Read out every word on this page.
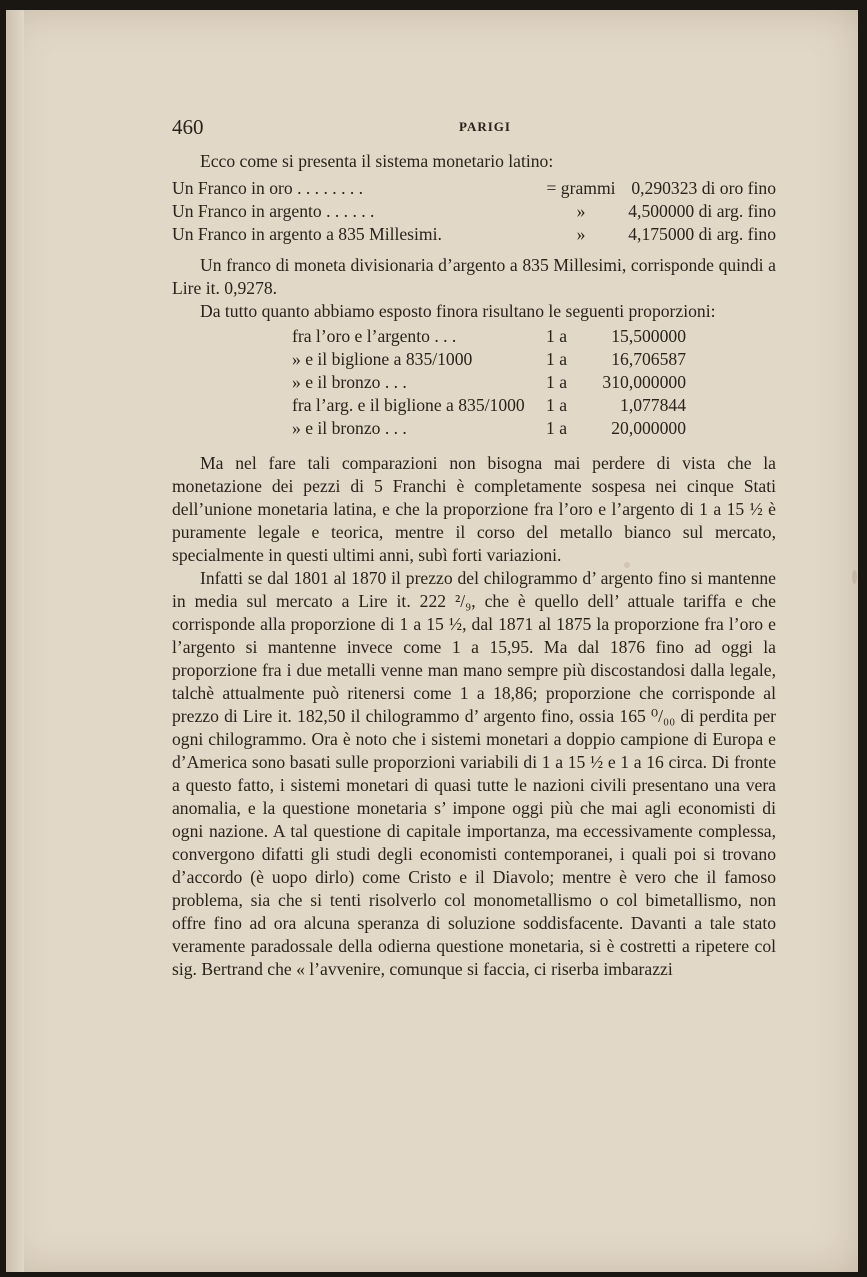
460	PARIGI

Ecco come si presenta il sistema monetario latino:

Un Franco in oro . . . . . . . .	= grammi	0,290323 di oro fino
Un Franco in argento . . . . . .	»	4,500000 di arg. fino
Un Franco in argento a 835 Millesimi.	»	4,175000 di arg. fino

Un franco di moneta divisionaria d’argento a 835 Millesimi, corrisponde quindi a Lire it. 0,9278.

Da tutto quanto abbiamo esposto finora risultano le seguenti proporzioni:

fra l’oro e l’argento . . .	1 a	15,500000
» e il biglione a 835/1000	1 a	16,706587
» e il bronzo . . .	1 a	310,000000
fra l’arg. e il biglione a 835/1000	1 a	1,077844
» e il bronzo . . .	1 a	20,000000

Ma nel fare tali comparazioni non bisogna mai perdere di vista che la monetazione dei pezzi di 5 Franchi è completamente sospesa nei cinque Stati dell’unione monetaria latina, e che la proporzione fra l’oro e l’argento di 1 a 15 ½ è puramente legale e teorica, mentre il corso del metallo bianco sul mercato, specialmente in questi ultimi anni, subì forti variazioni.

Infatti se dal 1801 al 1870 il prezzo del chilogrammo d’ argento fino si mantenne in media sul mercato a Lire it. 222 ²/₉, che è quello dell’ attuale tariffa e che corrisponde alla proporzione di 1 a 15 ½, dal 1871 al 1875 la proporzione fra l’oro e l’argento si mantenne invece come 1 a 15,95. Ma dal 1876 fino ad oggi la proporzione fra i due metalli venne man mano sempre più discostandosi dalla legale, talchè attualmente può ritenersi come 1 a 18,86; proporzione che corrisponde al prezzo di Lire it. 182,50 il chilogrammo d’ argento fino, ossia 165 ⁰/₀₀ di perdita per ogni chilogrammo. Ora è noto che i sistemi monetari a doppio campione di Europa e d’America sono basati sulle proporzioni variabili di 1 a 15 ½ e 1 a 16 circa. Di fronte a questo fatto, i sistemi monetari di quasi tutte le nazioni civili presentano una vera anomalia, e la questione monetaria s’ impone oggi più che mai agli economisti di ogni nazione. A tal questione di capitale importanza, ma eccessivamente complessa, convergono difatti gli studi degli economisti contemporanei, i quali poi si trovano d’accordo (è uopo dirlo) come Cristo e il Diavolo; mentre è vero che il famoso problema, sia che si tenti risolverlo col monometallismo o col bimetallismo, non offre fino ad ora alcuna speranza di soluzione soddisfacente. Davanti a tale stato veramente paradossale della odierna questione monetaria, si è costretti a ripetere col sig. Bertrand che « l’avvenire, comunque si faccia, ci riserba imbarazzi
